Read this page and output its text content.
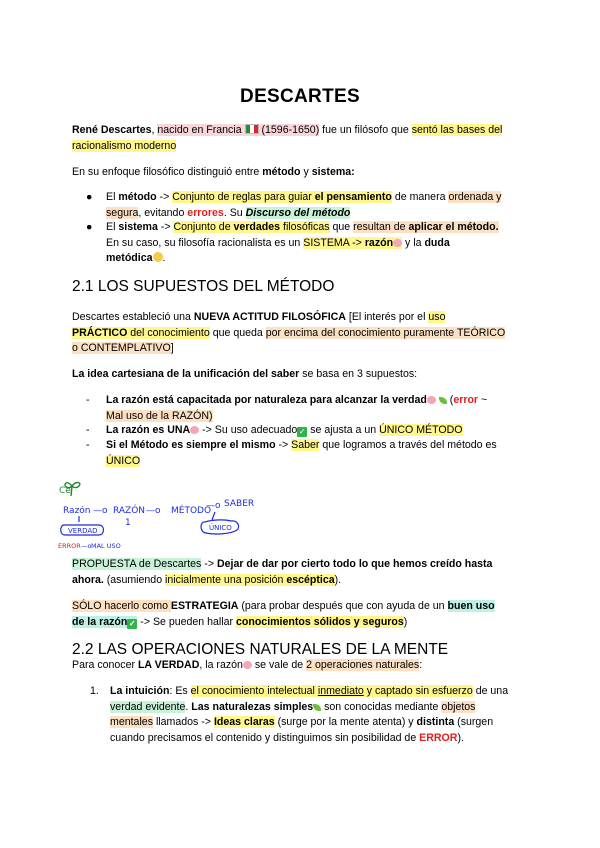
DESCARTES
René Descartes, nacido en Francia  (1596-1650) fue un filósofo que sentó las bases del
racionalismo moderno
En su enfoque filosófico distinguió entre método y sistema:
●	El método -> Conjunto de reglas para guiar el pensamiento de manera ordenada y
segura, evitando errores. Su Discurso del método
●	El sistema -> Conjunto de verdades filosóficas que resultan de aplicar el método.
En su caso, su filosofía racionalista es un SISTEMA -> razón y la duda
metódica .
2.1 LOS SUPUESTOS DEL MÉTODO
Descartes estableció una NUEVA ACTITUD FILOSÓFICA [El interés por el uso
PRÁCTICO del conocimiento que queda por encima del conocimiento puramente TEÓRICO
o CONTEMPLATIVO]
La idea cartesiana de la unificación del saber se basa en 3 supuestos:
-	La razón está capacitada por naturaleza para alcanzar la verdad  (error ~
Mal uso de la RAZÓN)
-	La razón es UNA -> Su uso adecuado ✓ se ajusta a un ÚNICO MÉTODO
-	Si el Método es siempre el mismo -> Saber que logramos a través del método es
ÚNICO
Ce
Razón —o RAZÓN —o MÉTODO
—o SABER
1
VERDAD	ÚNICO
ERROR —o MAL USO
PROPUESTA de Descartes -> Dejar de dar por cierto todo lo que hemos creído hasta
ahora. (asumiendo inicialmente una posición escéptica).
SÓLO hacerlo como ESTRATEGIA (para probar después que con ayuda de un buen uso
de la razón ✓ -> Se pueden hallar conocimientos sólidos y seguros)
2.2 LAS OPERACIONES NATURALES DE LA MENTE
Para conocer LA VERDAD, la razón se vale de 2 operaciones naturales:
1.	La intuición: Es el conocimiento intelectual inmediato y captado sin esfuerzo de una
verdad evidente. Las naturalezas simples son conocidas mediante objetos
mentales llamados -> Ideas claras (surge por la mente atenta) y distinta (surgen
cuando precisamos el contenido y distinguimos sin posibilidad de ERROR).
